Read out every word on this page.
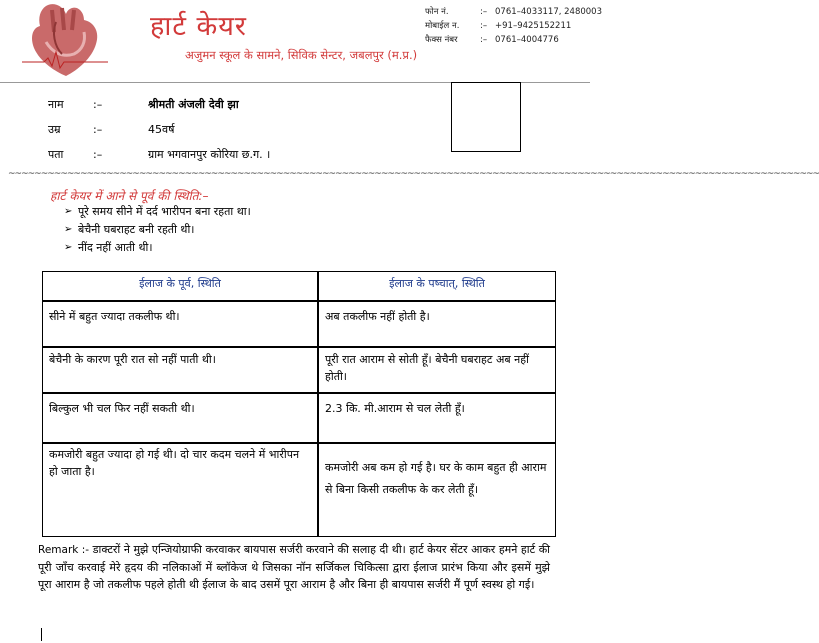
हार्ट केयर
अजुमन स्कूल के सामने, सिविक सेन्टर, जबलपुर (म.प्र.)
फोन नं.	:– 0761–4033117, 2480003
मोबाईल न.	:– +91–9425152211
फैक्स नंबर	:– 0761–4004776
नाम	:–	श्रीमती अंजली देवी झा
उम्र	:–	45वर्ष
पता	:–	ग्राम भगवानपुर कोरिया छ.ग. ।
~~~~~~~~~~~~~~~~~~~~~~~~~~~~~~~~~~~~~~~~~~~~~~~~~~~~~~~~~~~~~~~~~~~~~~~~~~~~~~~~~~~~~~~~~~~~~~~~~~~~~~~~~~~~~~~~~~~~~~~~~~~~
हार्ट केयर में आने से पूर्व की स्थिति:–
➢ पूरे समय सीने में दर्द भारीपन बना रहता था।
➢ बेचैनी घबराहट बनी रहती थी।
➢ नींद नहीं आती थी।
ईलाज के पूर्व, स्थिति	ईलाज के पष्चात्, स्थिति
सीने में बहुत ज्यादा तकलीफ थी।	अब तकलीफ नहीं होती है।
बेचैनी के कारण पूरी रात सो नहीं पाती थी।	पूरी रात आराम से सोती हूँ। बेचैनी घबराहट अब नहीं होती।
बिल्कुल भी चल फिर नहीं सकती थी।	2.3 कि. मी.आराम से चल लेती हूँ।
कमजोरी बहुत ज्यादा हो गई थी। दो चार कदम चलने में भारीपन हो जाता है।	कमजोरी अब कम हो गई है। घर के काम बहुत ही आराम से बिना किसी तकलीफ के कर लेती हूँ।
Remark :- डाक्टरों ने मुझे एन्जियोग्राफी करवाकर बायपास सर्जरी करवाने की सलाह दी थी। हार्ट केयर सेंटर आकर हमने हार्ट की पूरी जाँच करवाई मेरे हृदय की नलिकाओं में ब्लॉकेज थे जिसका नॉन सर्जिकल चिकित्सा द्वारा ईलाज प्रारंभ किया और इसमें मुझे पूरा आराम है जो तकलीफ पहले होती थी ईलाज के बाद उसमें पूरा आराम है और बिना ही बायपास सर्जरी मैं पूर्ण स्वस्थ हो गई।
